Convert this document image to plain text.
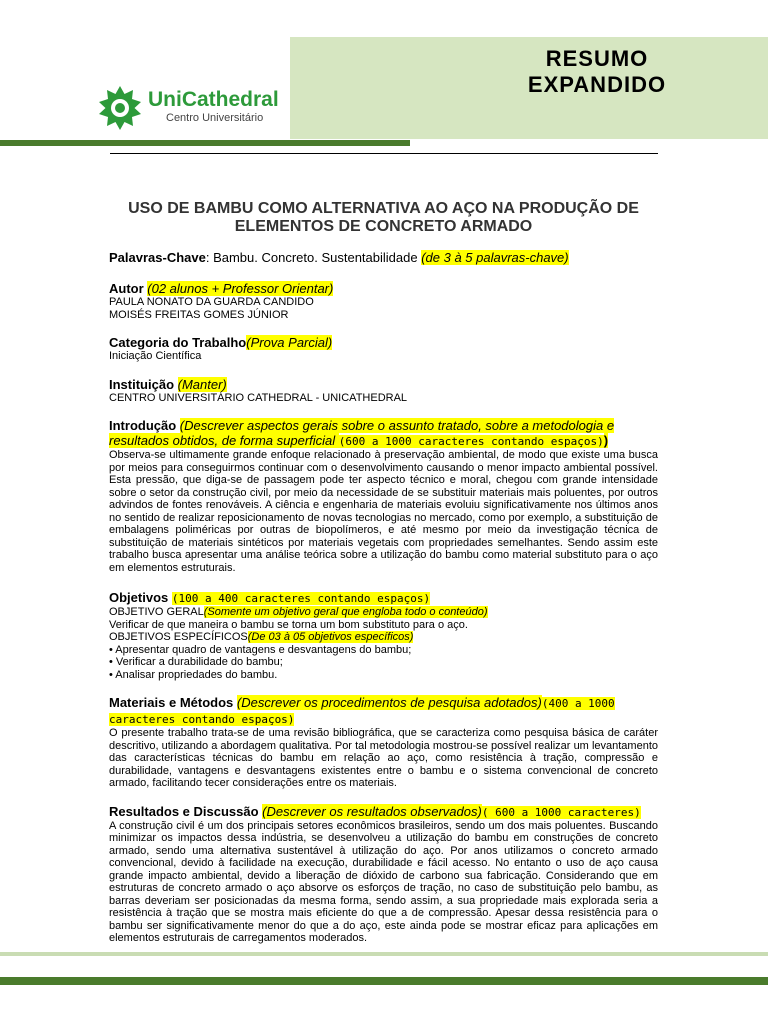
RESUMO
EXPANDIDO
UniCathedral
Centro Universitário
USO DE BAMBU COMO ALTERNATIVA AO AÇO NA PRODUÇÃO DE ELEMENTOS DE CONCRETO ARMADO
Palavras-Chave: Bambu. Concreto. Sustentabilidade (de 3 à 5 palavras-chave)
Autor (02 alunos + Professor Orientar)
PAULA NONATO DA GUARDA CANDIDO
MOISÉS FREITAS GOMES JÚNIOR
Categoria do Trabalho(Prova Parcial)
Iniciação Científica
Instituição (Manter)
CENTRO UNIVERSITÁRIO CATHEDRAL - UNICATHEDRAL
Introdução (Descrever aspectos gerais sobre o assunto tratado, sobre a metodologia e resultados obtidos, de forma superficial (600 a 1000 caracteres contando espaços))
Observa-se ultimamente grande enfoque relacionado à preservação ambiental, de modo que existe uma busca por meios para conseguirmos continuar com o desenvolvimento causando o menor impacto ambiental possível. Esta pressão, que diga-se de passagem pode ter aspecto técnico e moral, chegou com grande intensidade sobre o setor da construção civil, por meio da necessidade de se substituir materiais mais poluentes, por outros advindos de fontes renováveis. A ciência e engenharia de materiais evoluiu significativamente nos últimos anos no sentido de realizar reposicionamento de novas tecnologias no mercado, como por exemplo, a substituição de embalagens poliméricas por outras de biopolímeros, e até mesmo por meio da investigação técnica de substituição de materiais sintéticos por materiais vegetais com propriedades semelhantes. Sendo assim este trabalho busca apresentar uma análise teórica sobre a utilização do bambu como material substituto para o aço em elementos estruturais.
Objetivos (100 a 400 caracteres contando espaços)
OBJETIVO GERAL(Somente um objetivo geral que engloba todo o conteúdo)
Verificar de que maneira o bambu se torna um bom substituto para o aço.
OBJETIVOS ESPECÍFICOS(De 03 à 05 objetivos específicos)
• Apresentar quadro de vantagens e desvantagens do bambu;
• Verificar a durabilidade do bambu;
• Analisar propriedades do bambu.
Materiais e Métodos (Descrever os procedimentos de pesquisa adotados)(400 a 1000 caracteres contando espaços)
O presente trabalho trata-se de uma revisão bibliográfica, que se caracteriza como pesquisa básica de caráter descritivo, utilizando a abordagem qualitativa. Por tal metodologia mostrou-se possível realizar um levantamento das características técnicas do bambu em relação ao aço, como resistência à tração, compressão e durabilidade, vantagens e desvantagens existentes entre o bambu e o sistema convencional de concreto armado, facilitando tecer considerações entre os materiais.
Resultados e Discussão (Descrever os resultados observados)( 600 a 1000 caracteres)
A construção civil é um dos principais setores econômicos brasileiros, sendo um dos mais poluentes. Buscando minimizar os impactos dessa indústria, se desenvolveu a utilização do bambu em construções de concreto armado, sendo uma alternativa sustentável à utilização do aço. Por anos utilizamos o concreto armado convencional, devido à facilidade na execução, durabilidade e fácil acesso. No entanto o uso de aço causa grande impacto ambiental, devido a liberação de dióxido de carbono sua fabricação. Considerando que em estruturas de concreto armado o aço absorve os esforços de tração, no caso de substituição pelo bambu, as barras deveriam ser posicionadas da mesma forma, sendo assim, a sua propriedade mais explorada seria a resistência à tração que se mostra mais eficiente do que a de compressão. Apesar dessa resistência para o bambu ser significativamente menor do que a do aço, este ainda pode se mostrar eficaz para aplicações em elementos estruturais de carregamentos moderados.
